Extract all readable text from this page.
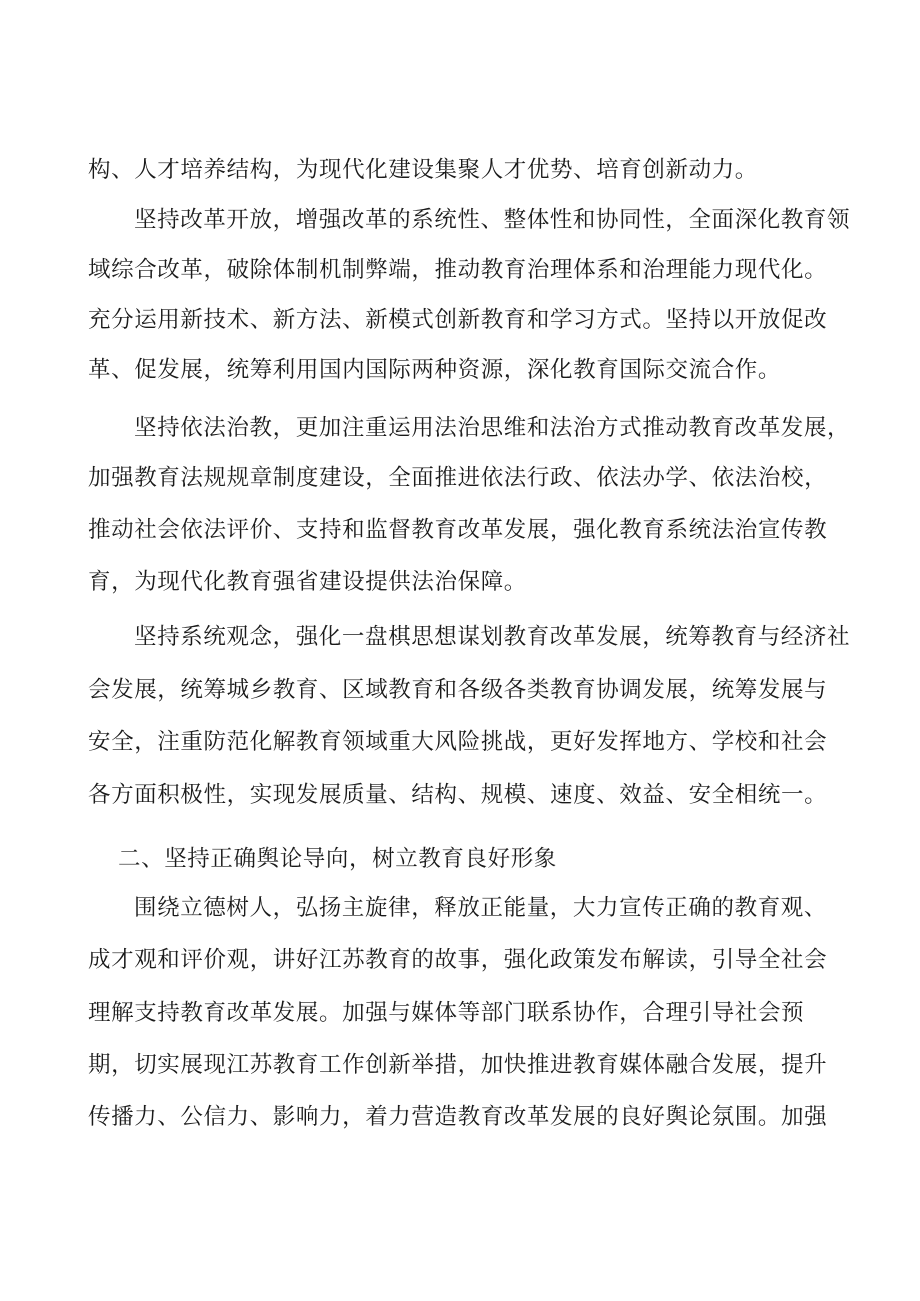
构、人才培养结构，为现代化建设集聚人才优势、培育创新动力。
坚持改革开放，增强改革的系统性、整体性和协同性，全面深化教育领
域综合改革，破除体制机制弊端，推动教育治理体系和治理能力现代化。
充分运用新技术、新方法、新模式创新教育和学习方式。坚持以开放促改
革、促发展，统筹利用国内国际两种资源，深化教育国际交流合作。
坚持依法治教，更加注重运用法治思维和法治方式推动教育改革发展，
加强教育法规规章制度建设，全面推进依法行政、依法办学、依法治校，
推动社会依法评价、支持和监督教育改革发展，强化教育系统法治宣传教
育，为现代化教育强省建设提供法治保障。
坚持系统观念，强化一盘棋思想谋划教育改革发展，统筹教育与经济社
会发展，统筹城乡教育、区域教育和各级各类教育协调发展，统筹发展与
安全，注重防范化解教育领域重大风险挑战，更好发挥地方、学校和社会
各方面积极性，实现发展质量、结构、规模、速度、效益、安全相统一。
二、坚持正确舆论导向，树立教育良好形象
围绕立德树人，弘扬主旋律，释放正能量，大力宣传正确的教育观、
成才观和评价观，讲好江苏教育的故事，强化政策发布解读，引导全社会
理解支持教育改革发展。加强与媒体等部门联系协作，合理引导社会预
期，切实展现江苏教育工作创新举措，加快推进教育媒体融合发展，提升
传播力、公信力、影响力，着力营造教育改革发展的良好舆论氛围。加强
